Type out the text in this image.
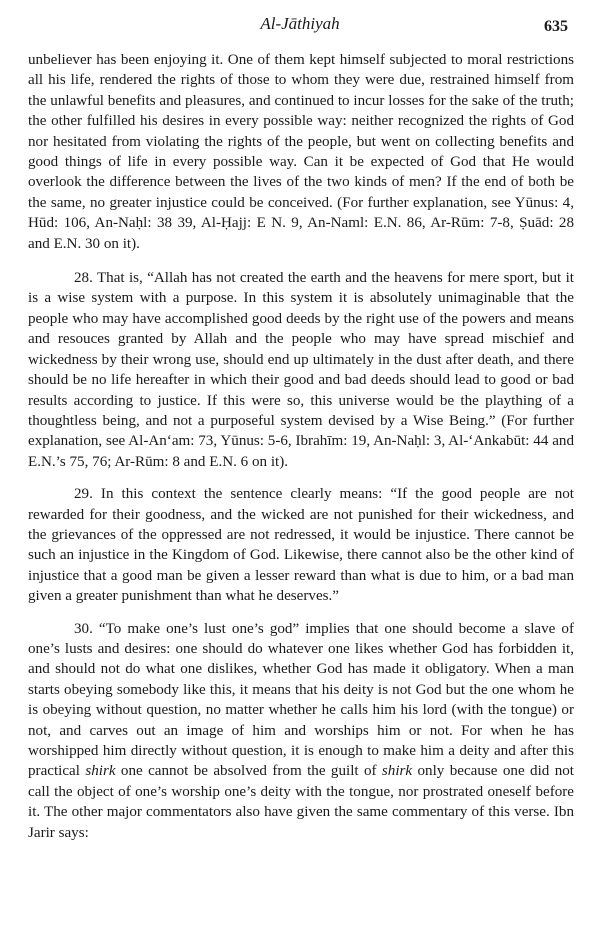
Al-Jāthiyah	635

unbeliever has been enjoying it. One of them kept himself subjected to moral restrictions all his life, rendered the rights of those to whom they were due, restrained himself from the unlawful benefits and pleasures, and continued to incur losses for the sake of the truth; the other fulfilled his desires in every possible way: neither recognized the rights of God nor hesitated from violating the rights of the people, but went on collecting benefits and good things of life in every possible way. Can it be expected of God that He would overlook the difference between the lives of the two kinds of men? If the end of both be the same, no greater injustice could be conceived. (For further explanation, see Yūnus: 4, Hūd: 106, An-Naḥl: 38 39, Al-Ḥajj: E N. 9, An-Naml: E.N. 86, Ar-Rūm: 7-8, Ṣuād: 28 and E.N. 30 on it).

28. That is, “Allah has not created the earth and the heavens for mere sport, but it is a wise system with a purpose. In this system it is absolutely unimaginable that the people who may have accomplished good deeds by the right use of the powers and means and resouces granted by Allah and the people who may have spread mischief and wickedness by their wrong use, should end up ultimately in the dust after death, and there should be no life hereafter in which their good and bad deeds should lead to good or bad results according to justice. If this were so, this universe would be the plaything of a thoughtless being, and not a purposeful system devised by a Wise Being.” (For further explanation, see Al-An‘am: 73, Yūnus: 5-6, Ibrahīm: 19, An-Naḥl: 3, Al-‘Ankabūt: 44 and E.N.’s 75, 76; Ar-Rūm: 8 and E.N. 6 on it).

29. In this context the sentence clearly means: “If the good people are not rewarded for their goodness, and the wicked are not punished for their wickedness, and the grievances of the oppressed are not redressed, it would be injustice. There cannot be such an injustice in the Kingdom of God. Likewise, there cannot also be the other kind of injustice that a good man be given a lesser reward than what is due to him, or a bad man given a greater punishment than what he deserves.”

30. “To make one’s lust one’s god” implies that one should become a slave of one’s lusts and desires: one should do whatever one likes whether God has forbidden it, and should not do what one dislikes, whether God has made it obligatory. When a man starts obeying somebody like this, it means that his deity is not God but the one whom he is obeying without question, no matter whether he calls him his lord (with the tongue) or not, and carves out an image of him and worships him or not. For when he has worshipped him directly without question, it is enough to make him a deity and after this practical shirk one cannot be absolved from the guilt of shirk only because one did not call the object of one’s worship one’s deity with the tongue, nor prostrated oneself before it. The other major commentators also have given the same commentary of this verse. Ibn Jarir says:
